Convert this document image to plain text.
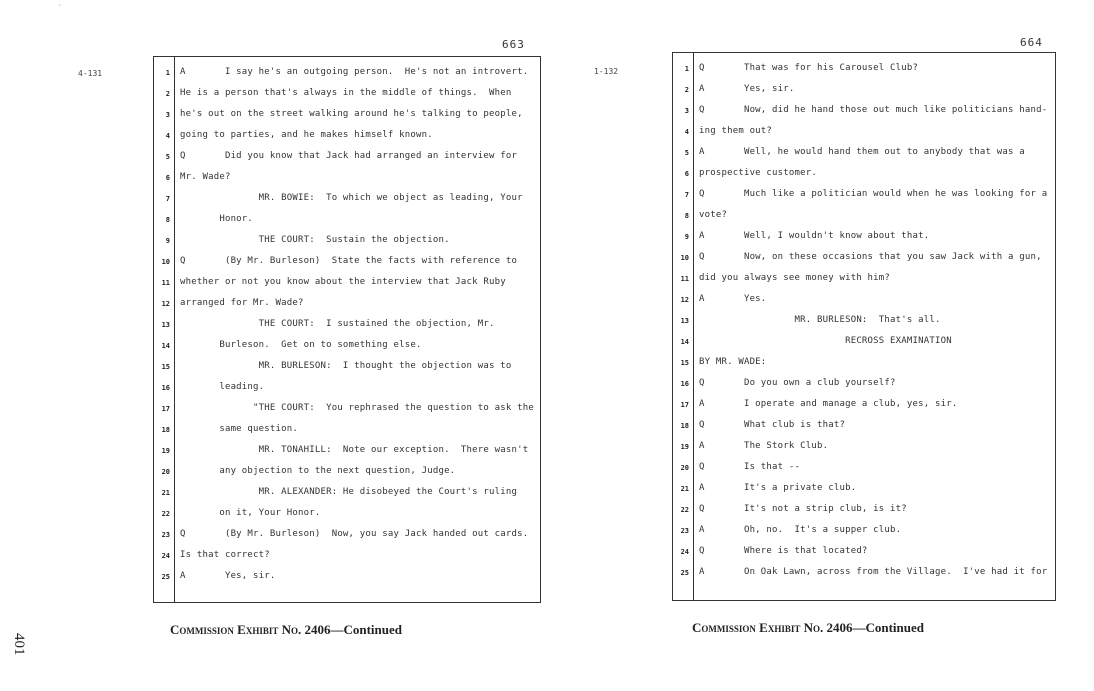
·
663
4-131	1 A       I say he's an outgoing person.  He's not an introvert.
2 He is a person that's always in the middle of things.  When
3 he's out on the street walking around he's talking to people,
4 going to parties, and he makes himself known.
5 Q       Did you know that Jack had arranged an interview for
6 Mr. Wade?
7 MR. BOWIE:  To which we object as leading, Your
8 Honor.
9 THE COURT:  Sustain the objection.
10 Q       (By Mr. Burleson)  State the facts with reference to
11 whether or not you know about the interview that Jack Ruby
12 arranged for Mr. Wade?
13 THE COURT:  I sustained the objection, Mr.
14 Burleson.  Get on to something else.
15 MR. BURLESON:  I thought the objection was to
16 leading.
17 "THE COURT:  You rephrased the question to ask the
18 same question.
19 MR. TONAHILL:  Note our exception.  There wasn't
20 any objection to the next question, Judge.
21 MR. ALEXANDER: He disobeyed the Court's ruling
22 on it, Your Honor.
23 Q       (By Mr. Burleson)  Now, you say Jack handed out cards.
24 Is that correct?
25 A       Yes, sir.
Commission Exhibit No. 2406—Continued
401
664
1-132	1 Q       That was for his Carousel Club?
2 A       Yes, sir.
3 Q       Now, did he hand those out much like politicians hand-
4 ing them out?
5 A       Well, he would hand them out to anybody that was a
6 prospective customer.
7 Q       Much like a politician would when he was looking for a
8 vote?
9 A       Well, I wouldn't know about that.
10 Q       Now, on these occasions that you saw Jack with a gun,
11 did you always see money with him?
12 A       Yes.
13 MR. BURLESON:  That's all.
14 RECROSS EXAMINATION
15 BY MR. WADE:
16 Q       Do you own a club yourself?
17 A       I operate and manage a club, yes, sir.
18 Q       What club is that?
19 A       The Stork Club.
20 Q       Is that --
21 A       It's a private club.
22 Q       It's not a strip club, is it?
23 A       Oh, no.  It's a supper club.
24 Q       Where is that located?
25 A       On Oak Lawn, across from the Village.  I've had it for
Commission Exhibit No. 2406—Continued
